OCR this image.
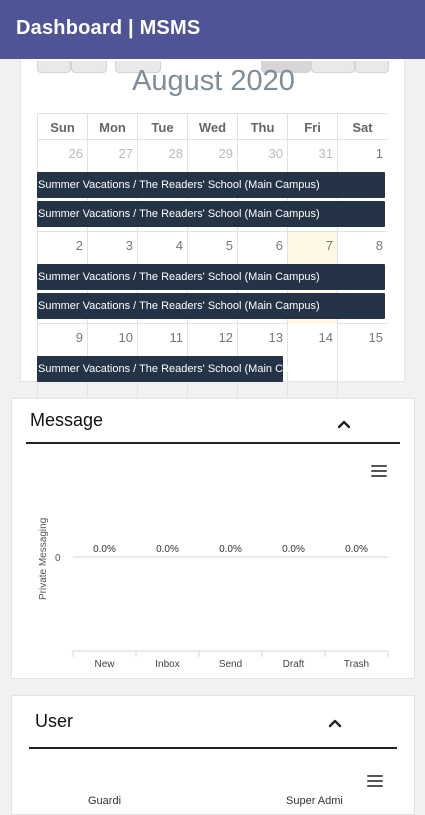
Dashboard | MSMS
August 2020
Sun	Mon	Tue	Wed	Thu	Fri	Sat
26	27	28	29	30	31	1
2	3	4	5	6	7	8
9	10	11	12	13	14	15
Summer Vacations / The Readers' School (Main Campus)
Summer Vacations / The Readers' School (Main Campus)
Summer Vacations / The Readers' School (Main Campus)
Summer Vacations / The Readers' School (Main Campus)
Summer Vacations / The Readers' School (Main Campus)
Message
Private Messaging 0
0.0%
New
0.0%
Inbox
0.0%
Send
0.0%
Draft
0.0%
Trash
User
Guardi	Super Admi
